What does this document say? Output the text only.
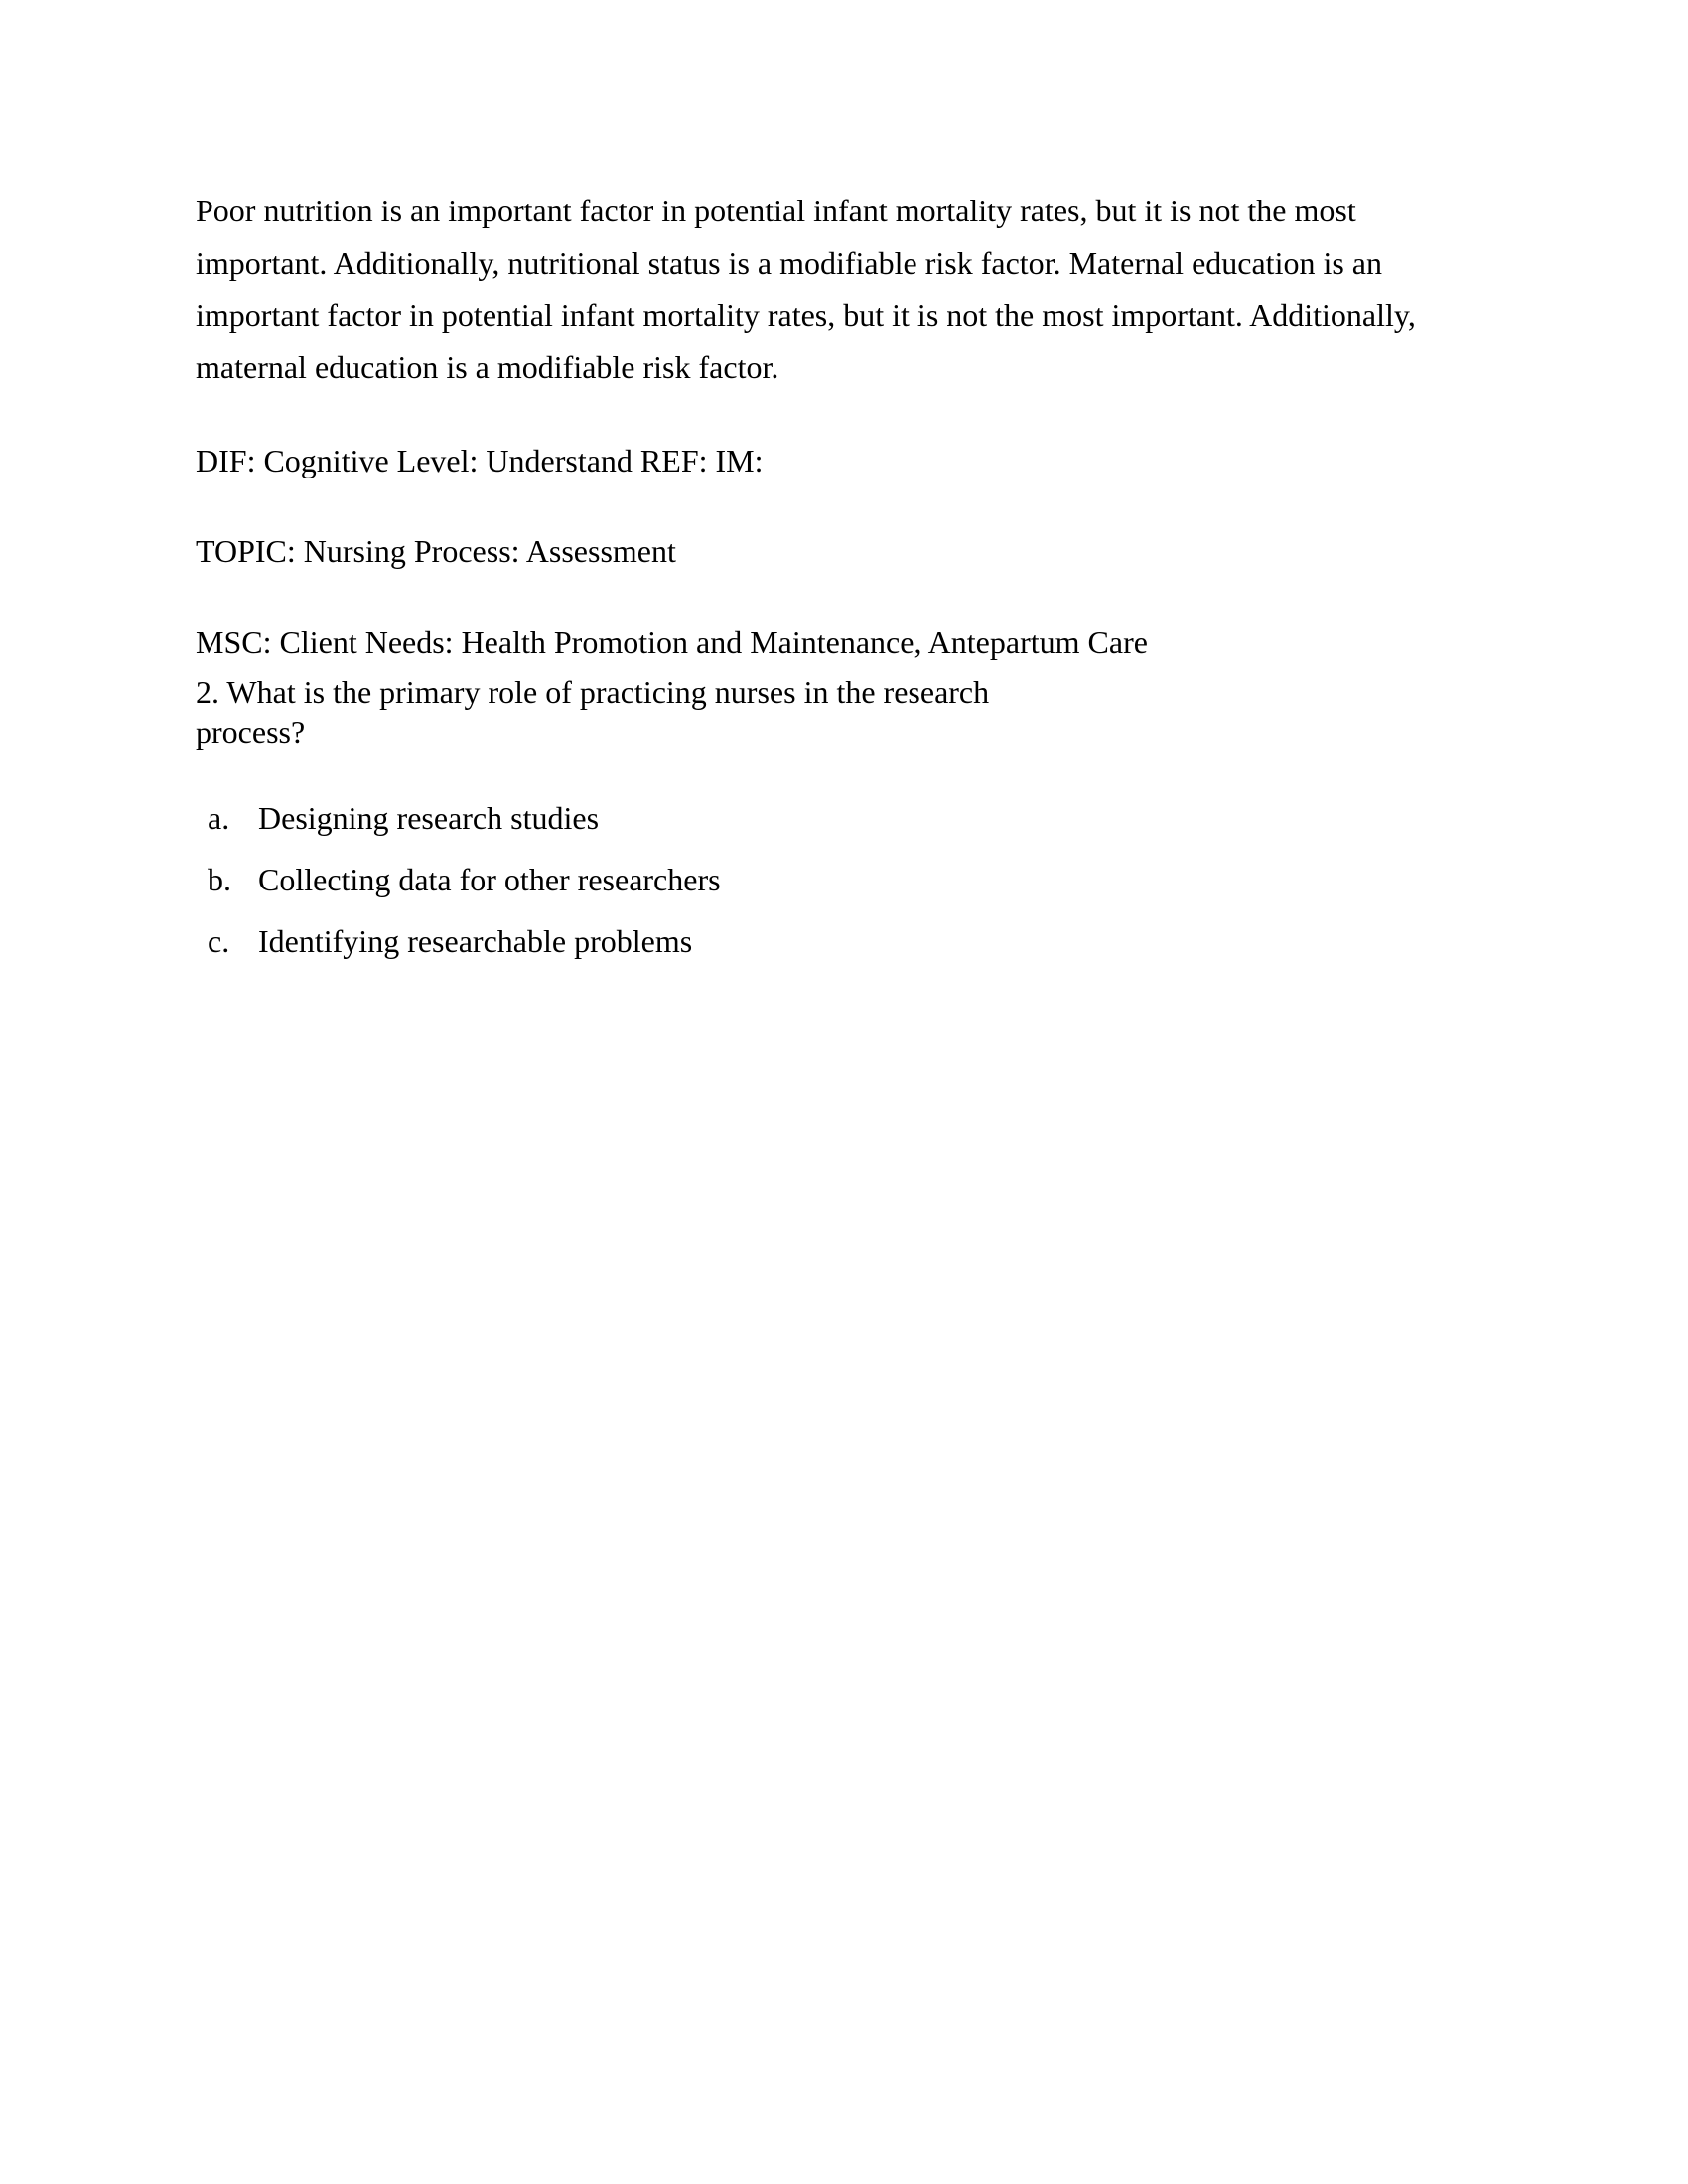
Poor nutrition is an important factor in potential infant mortality rates, but it is not the most important. Additionally, nutritional status is a modifiable risk factor. Maternal education is an important factor in potential infant mortality rates, but it is not the most important. Additionally, maternal education is a modifiable risk factor.

DIF: Cognitive Level: Understand REF: IM:

TOPIC: Nursing Process: Assessment

MSC: Client Needs: Health Promotion and Maintenance, Antepartum Care

2. What is the primary role of practicing nurses in the research process?

a. Designing research studies
b. Collecting data for other researchers
c. Identifying researchable problems
